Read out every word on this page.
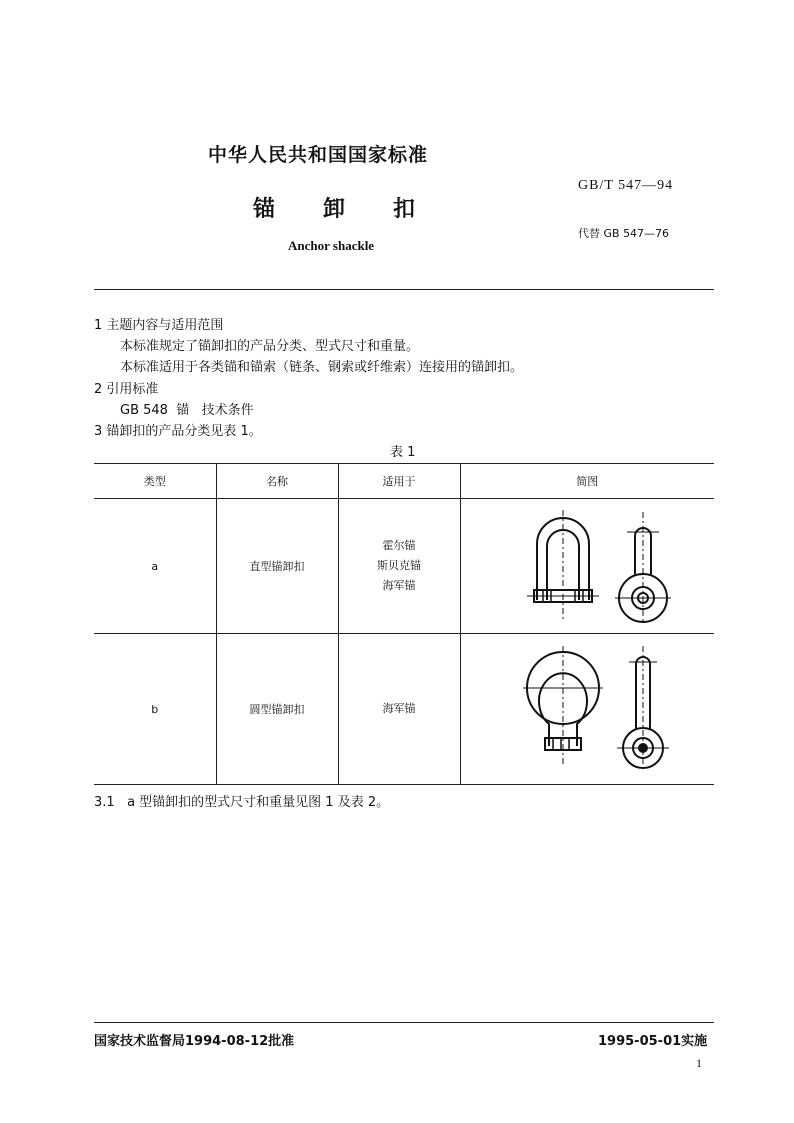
中华人民共和国国家标准
锚卸扣
Anchor shackle
GB/T 547—94
代替 GB 547—76
1 主题内容与适用范围
本标准规定了锚卸扣的产品分类、型式尺寸和重量。
本标准适用于各类锚和锚索（链条、钢索或纤维索）连接用的锚卸扣。
2 引用标准
GB 548  锚   技术条件
3 锚卸扣的产品分类见表 1。
表 1
类型	名称	适用于	简图
a	直型锚卸扣	霍尔锚
斯贝克锚
海军锚

b	圆型锚卸扣	海军锚

3.1   a 型锚卸扣的型式尺寸和重量见图 1 及表 2。
国家技术监督局1994-08-12批准	1995-05-01实施
1
